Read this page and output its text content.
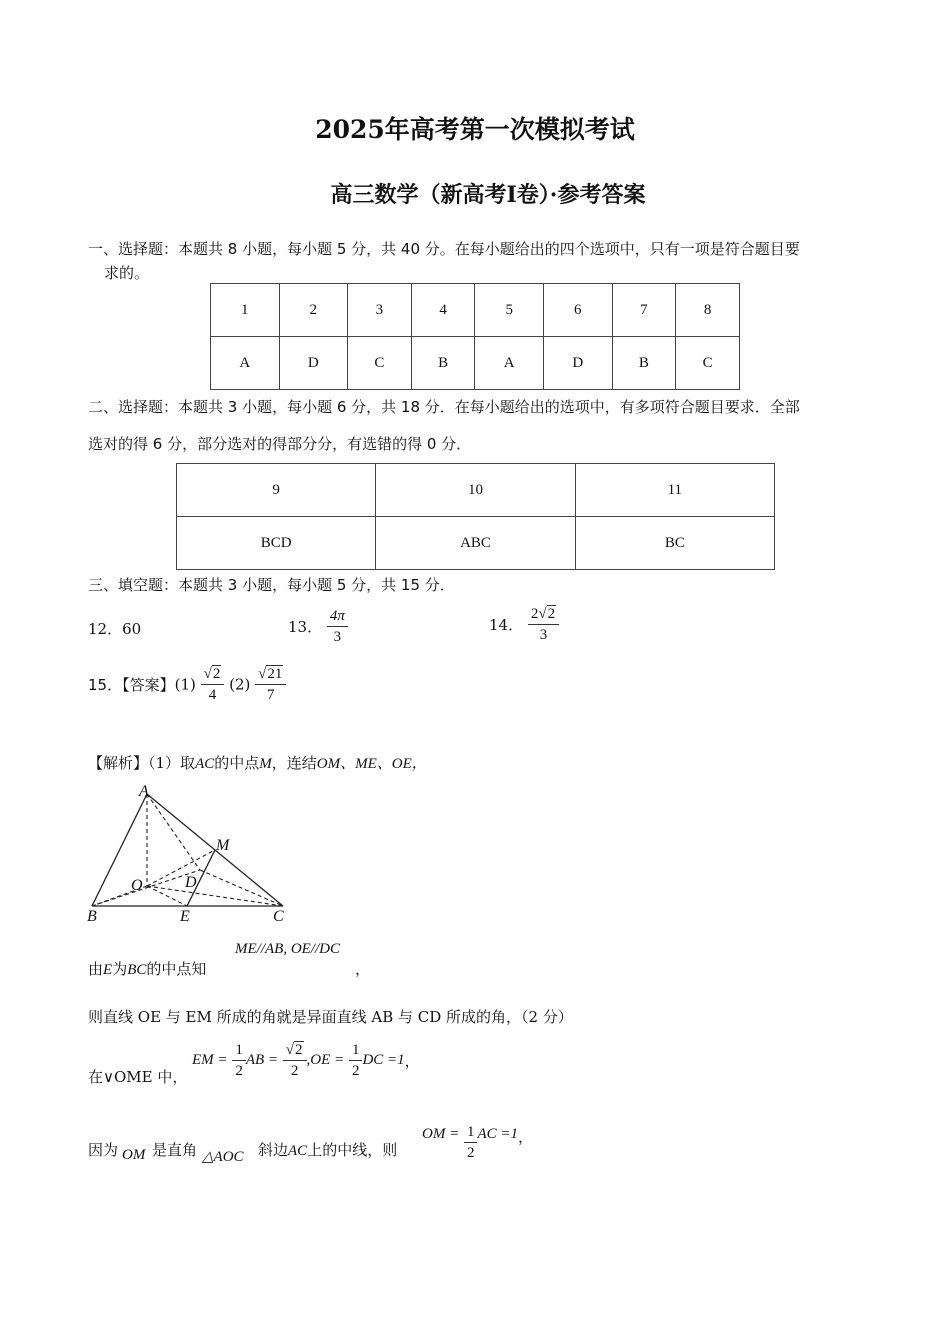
2025年高考第一次模拟考试
高三数学（新高考Ⅰ卷）·参考答案
一、选择题：本题共 8 小题，每小题 5 分，共 40 分。在每小题给出的四个选项中，只有一项是符合题目要
求的。
1	2	3	4	5	6	7	8
A	D	C	B	A	D	B	C
二、选择题：本题共 3 小题，每小题 6 分，共 18 分．在每小题给出的选项中，有多项符合题目要求．全部
选对的得 6 分，部分选对的得部分分，有选错的得 0 分．
9	10	11
BCD	ABC	BC
三、填空题：本题共 3 小题，每小题 5 分，共 15 分．
12．60	13． $\frac{4\pi}{3}$	14． $\frac{2√2}{3}$
15．【答案】$(1) \frac{√2}{4} (2) \frac{√21}{7}$
【解析】（1）取AC的中点M，连结OM、ME、OE，
A
M
O	D
B	E	C
由E为BC的中点知
ME//AB, OE//DC
，
则直线 OE 与 EM 所成的角就是异面直线 AB 与 CD 所成的角，（2 分）
在∨OME 中，
EM = $\frac{1}{2}$ AB = $\frac{√2}{2} ,OE = \frac{1}{2}$ DC =1，
因为 OM 是直角 △AOC 斜边AC上的中线，则
OM = $\frac{1}{2}$ AC =1，
